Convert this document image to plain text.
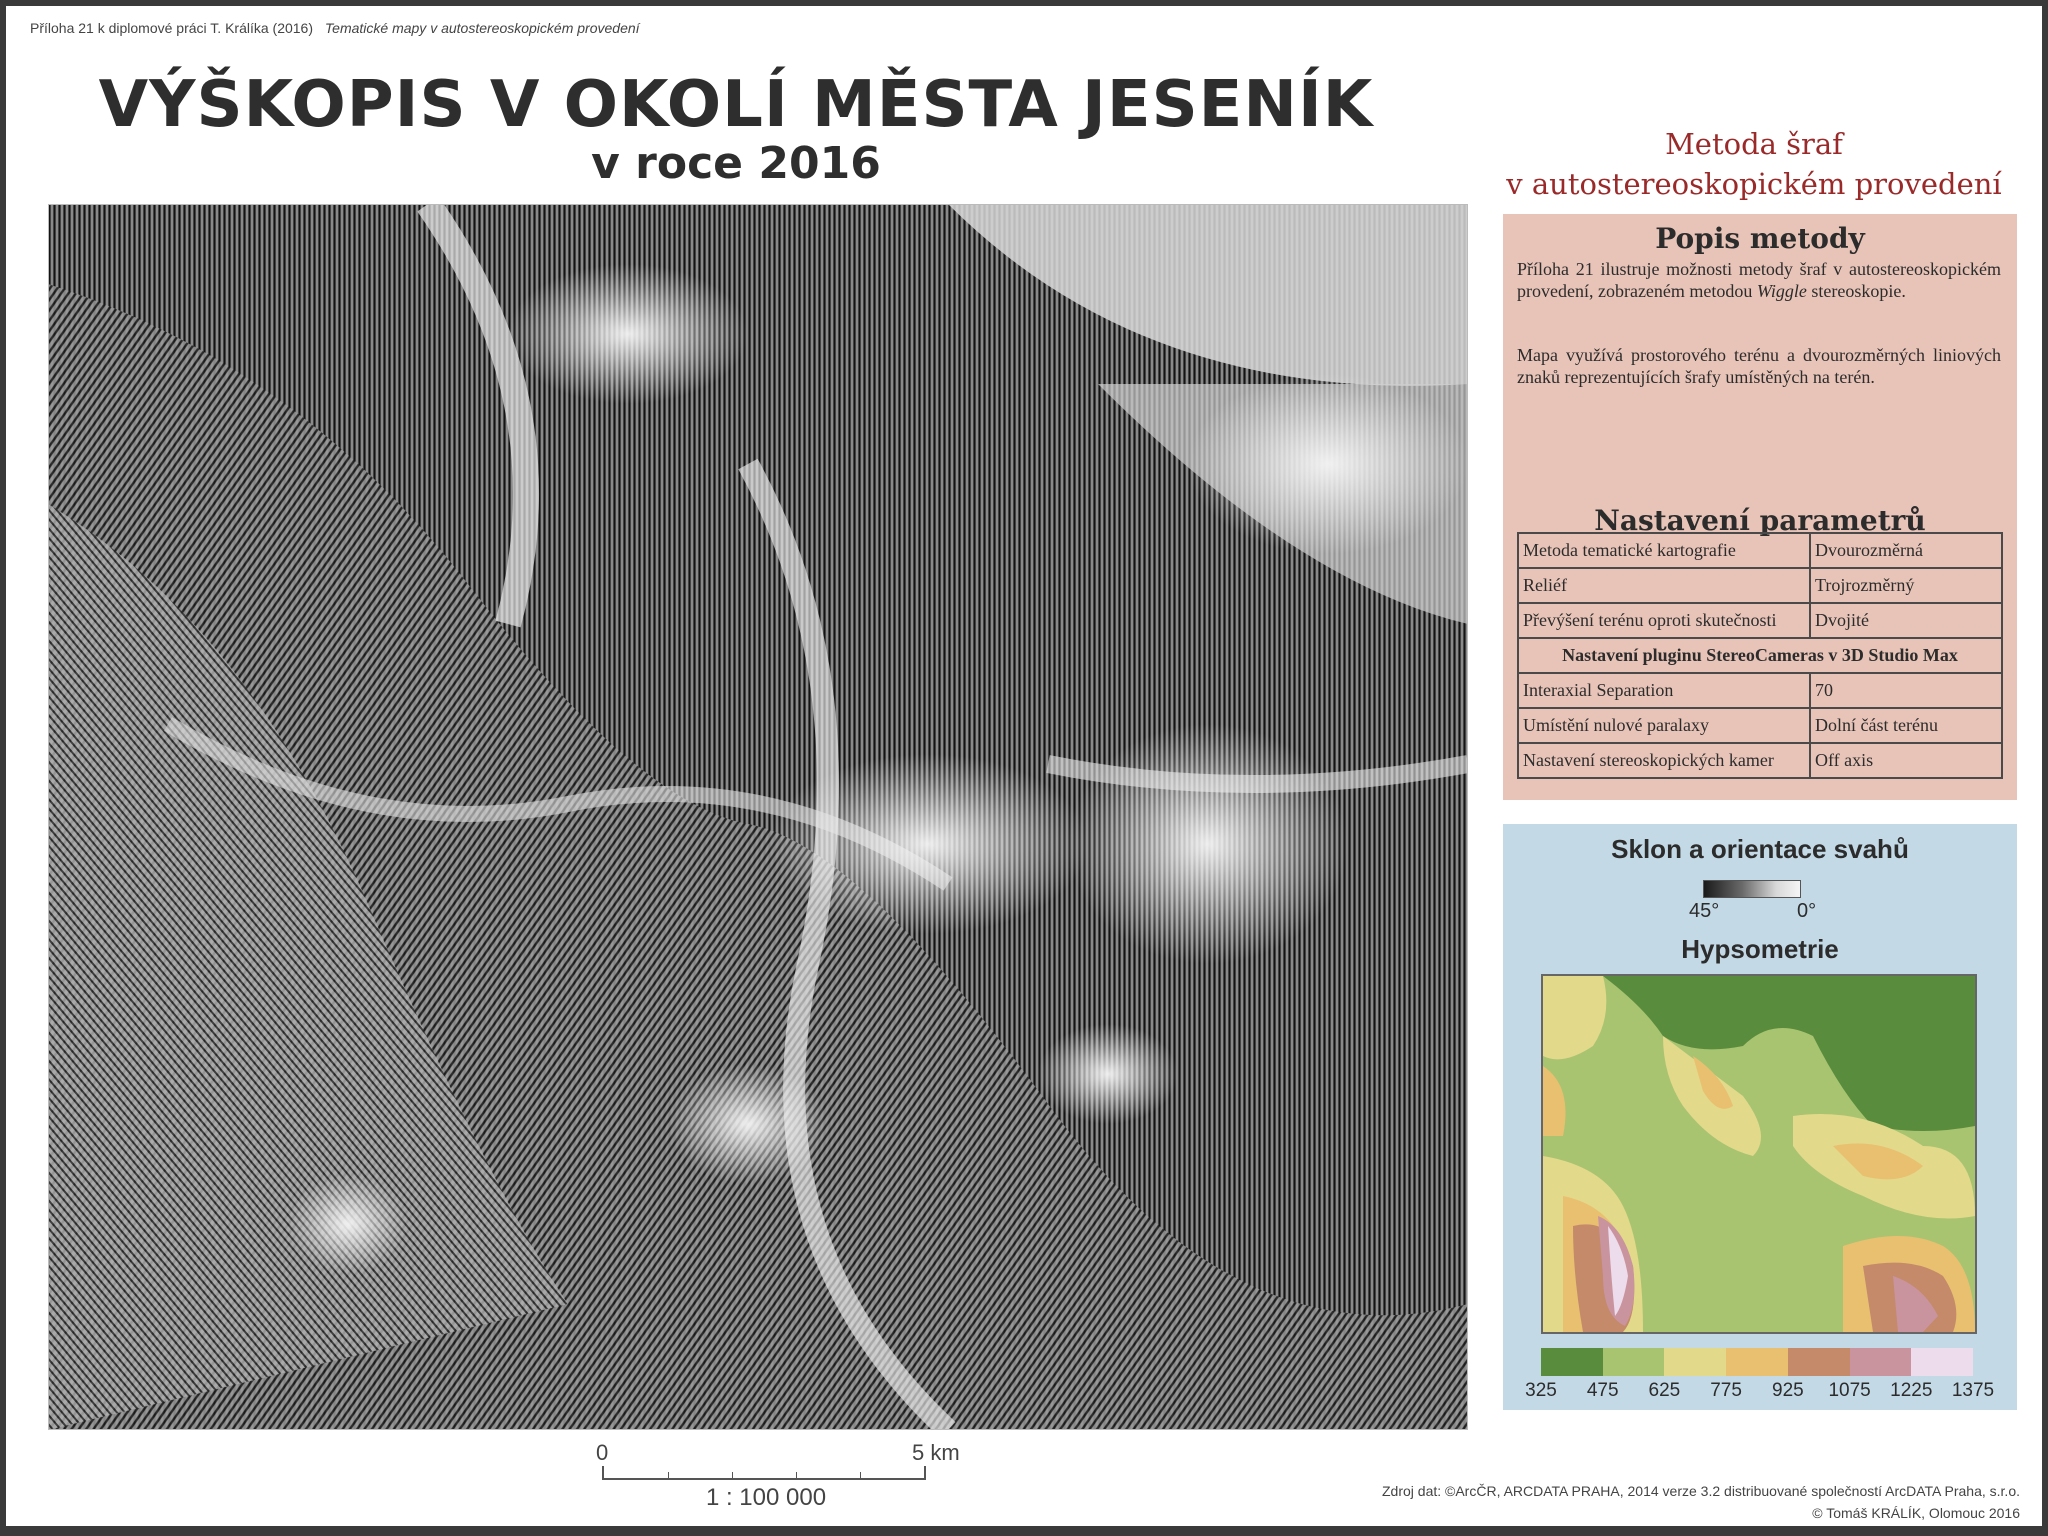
Příloha 21 k diplomové práci T. Králíka (2016) Tematické mapy v autostereoskopickém provedení
VÝŠKOPIS V OKOLÍ MĚSTA JESENÍK
v roce 2016
0	5 km
1 : 100 000
Metoda šraf
v autostereoskopickém provedení
Popis metody
Příloha 21 ilustruje možnosti metody šraf v autostereoskopickém provedení, zobrazeném metodou Wiggle stereoskopie.
Mapa využívá prostorového terénu a dvourozměrných liniových znaků reprezentujících šrafy umístěných na terén.
Nastavení parametrů
Metoda tematické kartografie	Dvourozměrná
Reliéf	Trojrozměrný
Převýšení terénu oproti skutečnosti	Dvojité
Nastavení pluginu StereoCameras v 3D Studio Max	
Interaxial Separation	70
Umístění nulové paralaxy	Dolní část terénu
Nastavení stereoskopických kamer	Off axis
Sklon a orientace svahů
45°	0°
Hypsometrie
325 475 625 775 925 1075 1225 1375
Zdroj dat: ©ArcČR, ARCDATA PRAHA, 2014 verze 3.2 distribuované společností ArcDATA Praha, s.r.o.
© Tomáš KRÁLÍK, Olomouc 2016
